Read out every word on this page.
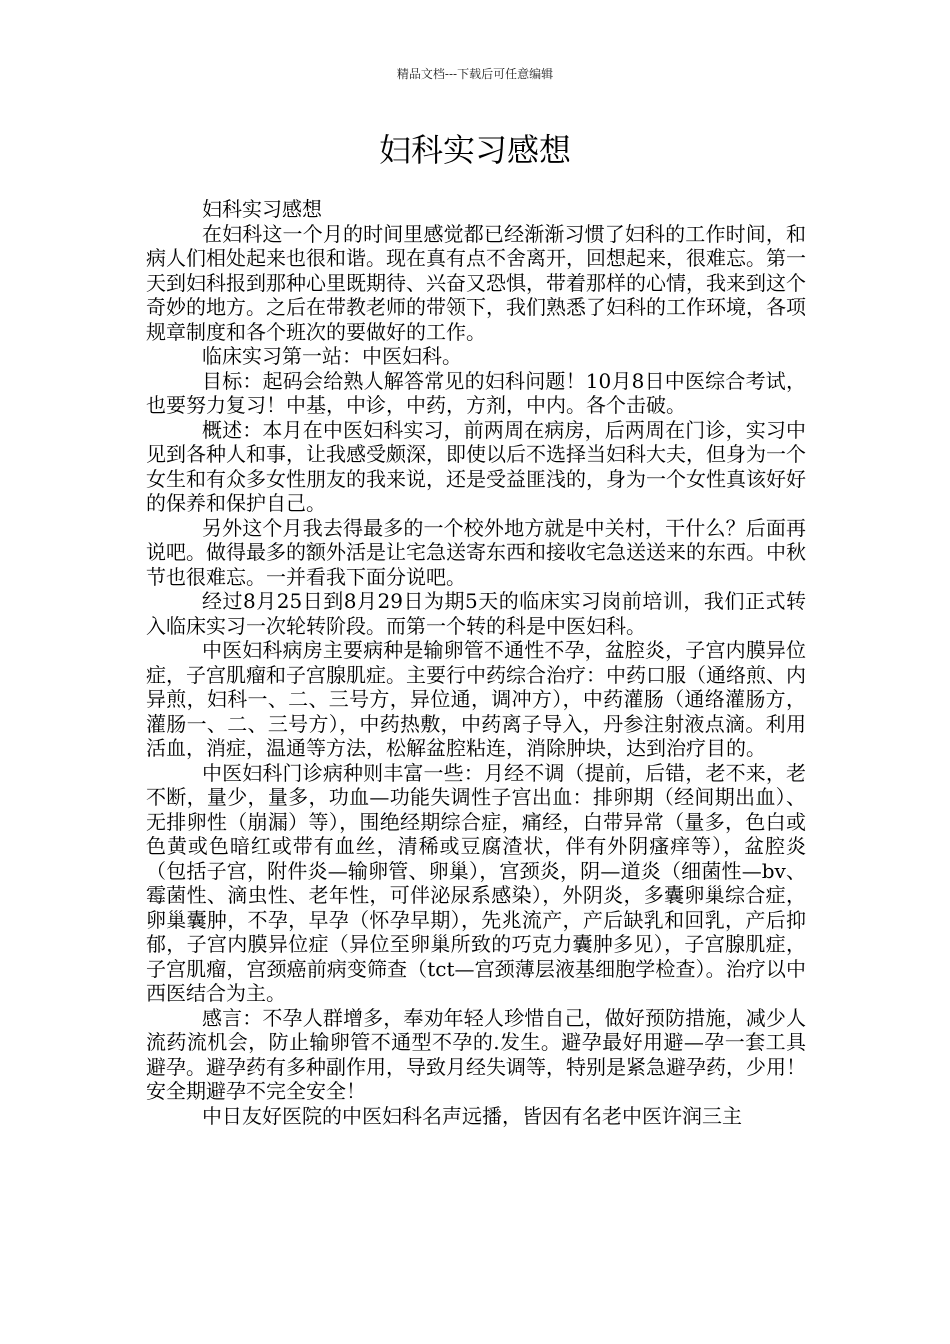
精品文档---下载后可任意编辑
妇科实习感想

妇科实习感想

在妇科这一个月的时间里感觉都已经渐渐习惯了妇科的工作时间，和病人们相处起来也很和谐。现在真有点不舍离开，回想起来，很难忘。第一天到妇科报到那种心里既期待、兴奋又恐惧，带着那样的心情，我来到这个奇妙的地方。之后在带教老师的带领下，我们熟悉了妇科的工作环境，各项规章制度和各个班次的要做好的工作。

临床实习第一站：中医妇科。

目标：起码会给熟人解答常见的妇科问题！10月8日中医综合考试，也要努力复习！中基，中诊，中药，方剂，中内。各个击破。

概述：本月在中医妇科实习，前两周在病房，后两周在门诊，实习中见到各种人和事，让我感受颇深，即使以后不选择当妇科大夫，但身为一个女生和有众多女性朋友的我来说，还是受益匪浅的，身为一个女性真该好好的保养和保护自己。

另外这个月我去得最多的一个校外地方就是中关村，干什么？后面再说吧。做得最多的额外活是让宅急送寄东西和接收宅急送送来的东西。中秋节也很难忘。一并看我下面分说吧。

经过8月25日到8月29日为期5天的临床实习岗前培训，我们正式转入临床实习一次轮转阶段。而第一个转的科是中医妇科。

中医妇科病房主要病种是输卵管不通性不孕，盆腔炎，子宫内膜异位症，子宫肌瘤和子宫腺肌症。主要行中药综合治疗：中药口服（通络煎、内异煎，妇科一、二、三号方，异位通，调冲方），中药灌肠（通络灌肠方，灌肠一、二、三号方），中药热敷，中药离子导入，丹参注射液点滴。利用活血，消症，温通等方法，松解盆腔粘连，消除肿块，达到治疗目的。

中医妇科门诊病种则丰富一些：月经不调（提前，后错，老不来，老不断，量少，量多，功血—功能失调性子宫出血：排卵期（经间期出血）、无排卵性（崩漏）等），围绝经期综合症，痛经，白带异常（量多，色白或色黄或色暗红或带有血丝，清稀或豆腐渣状，伴有外阴瘙痒等），盆腔炎（包括子宫，附件炎—输卵管、卵巢），宫颈炎，阴—道炎（细菌性—bv、霉菌性、滴虫性、老年性，可伴泌尿系感染），外阴炎，多囊卵巢综合症，卵巢囊肿，不孕，早孕（怀孕早期），先兆流产，产后缺乳和回乳，产后抑郁，子宫内膜异位症（异位至卵巢所致的巧克力囊肿多见），子宫腺肌症，子宫肌瘤，宫颈癌前病变筛查（tct—宫颈薄层液基细胞学检查）。治疗以中西医结合为主。

感言：不孕人群增多，奉劝年轻人珍惜自己，做好预防措施，减少人流药流机会，防止输卵管不通型不孕的.发生。避孕最好用避—孕一套工具避孕。避孕药有多种副作用，导致月经失调等，特别是紧急避孕药，少用！安全期避孕不完全安全！

中日友好医院的中医妇科名声远播，皆因有名老中医许润三主
